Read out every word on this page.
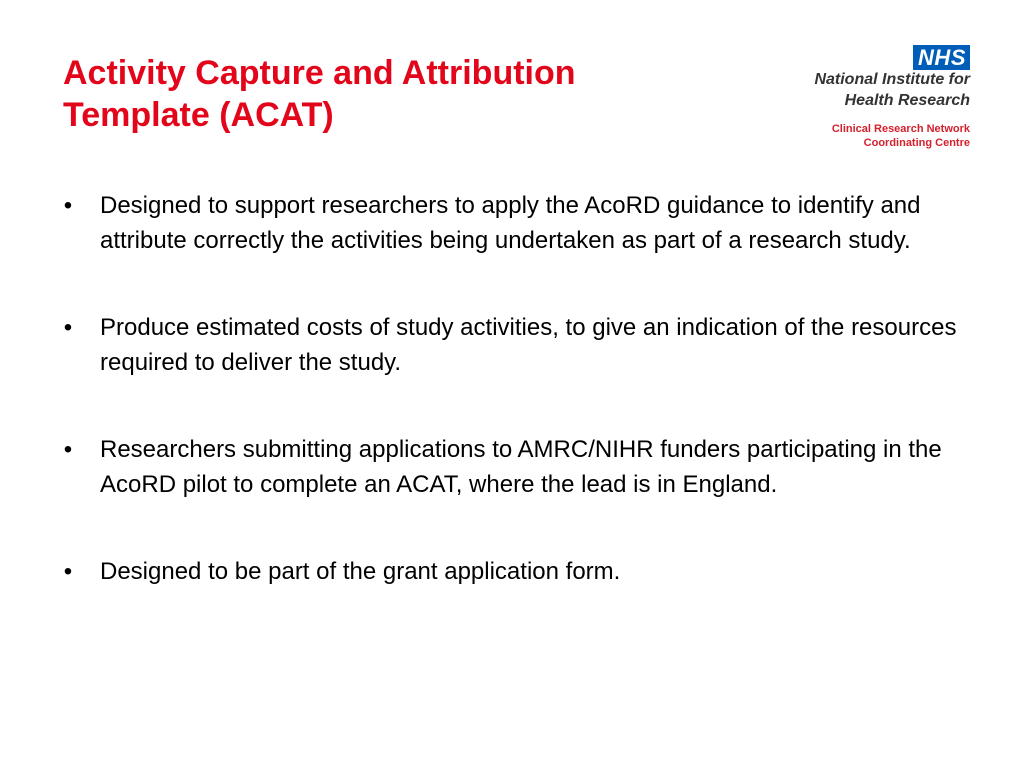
Activity Capture and Attribution
Template (ACAT)
NHS
National Institute for
Health Research
Clinical Research Network
Coordinating Centre
• Designed to support researchers to apply the AcoRD guidance to identify and attribute correctly the activities being undertaken as part of a research study.
• Produce estimated costs of study activities, to give an indication of the resources required to deliver the study.
• Researchers submitting applications to AMRC/NIHR funders participating in the AcoRD pilot to complete an ACAT, where the lead is in England.
• Designed to be part of the grant application form.
